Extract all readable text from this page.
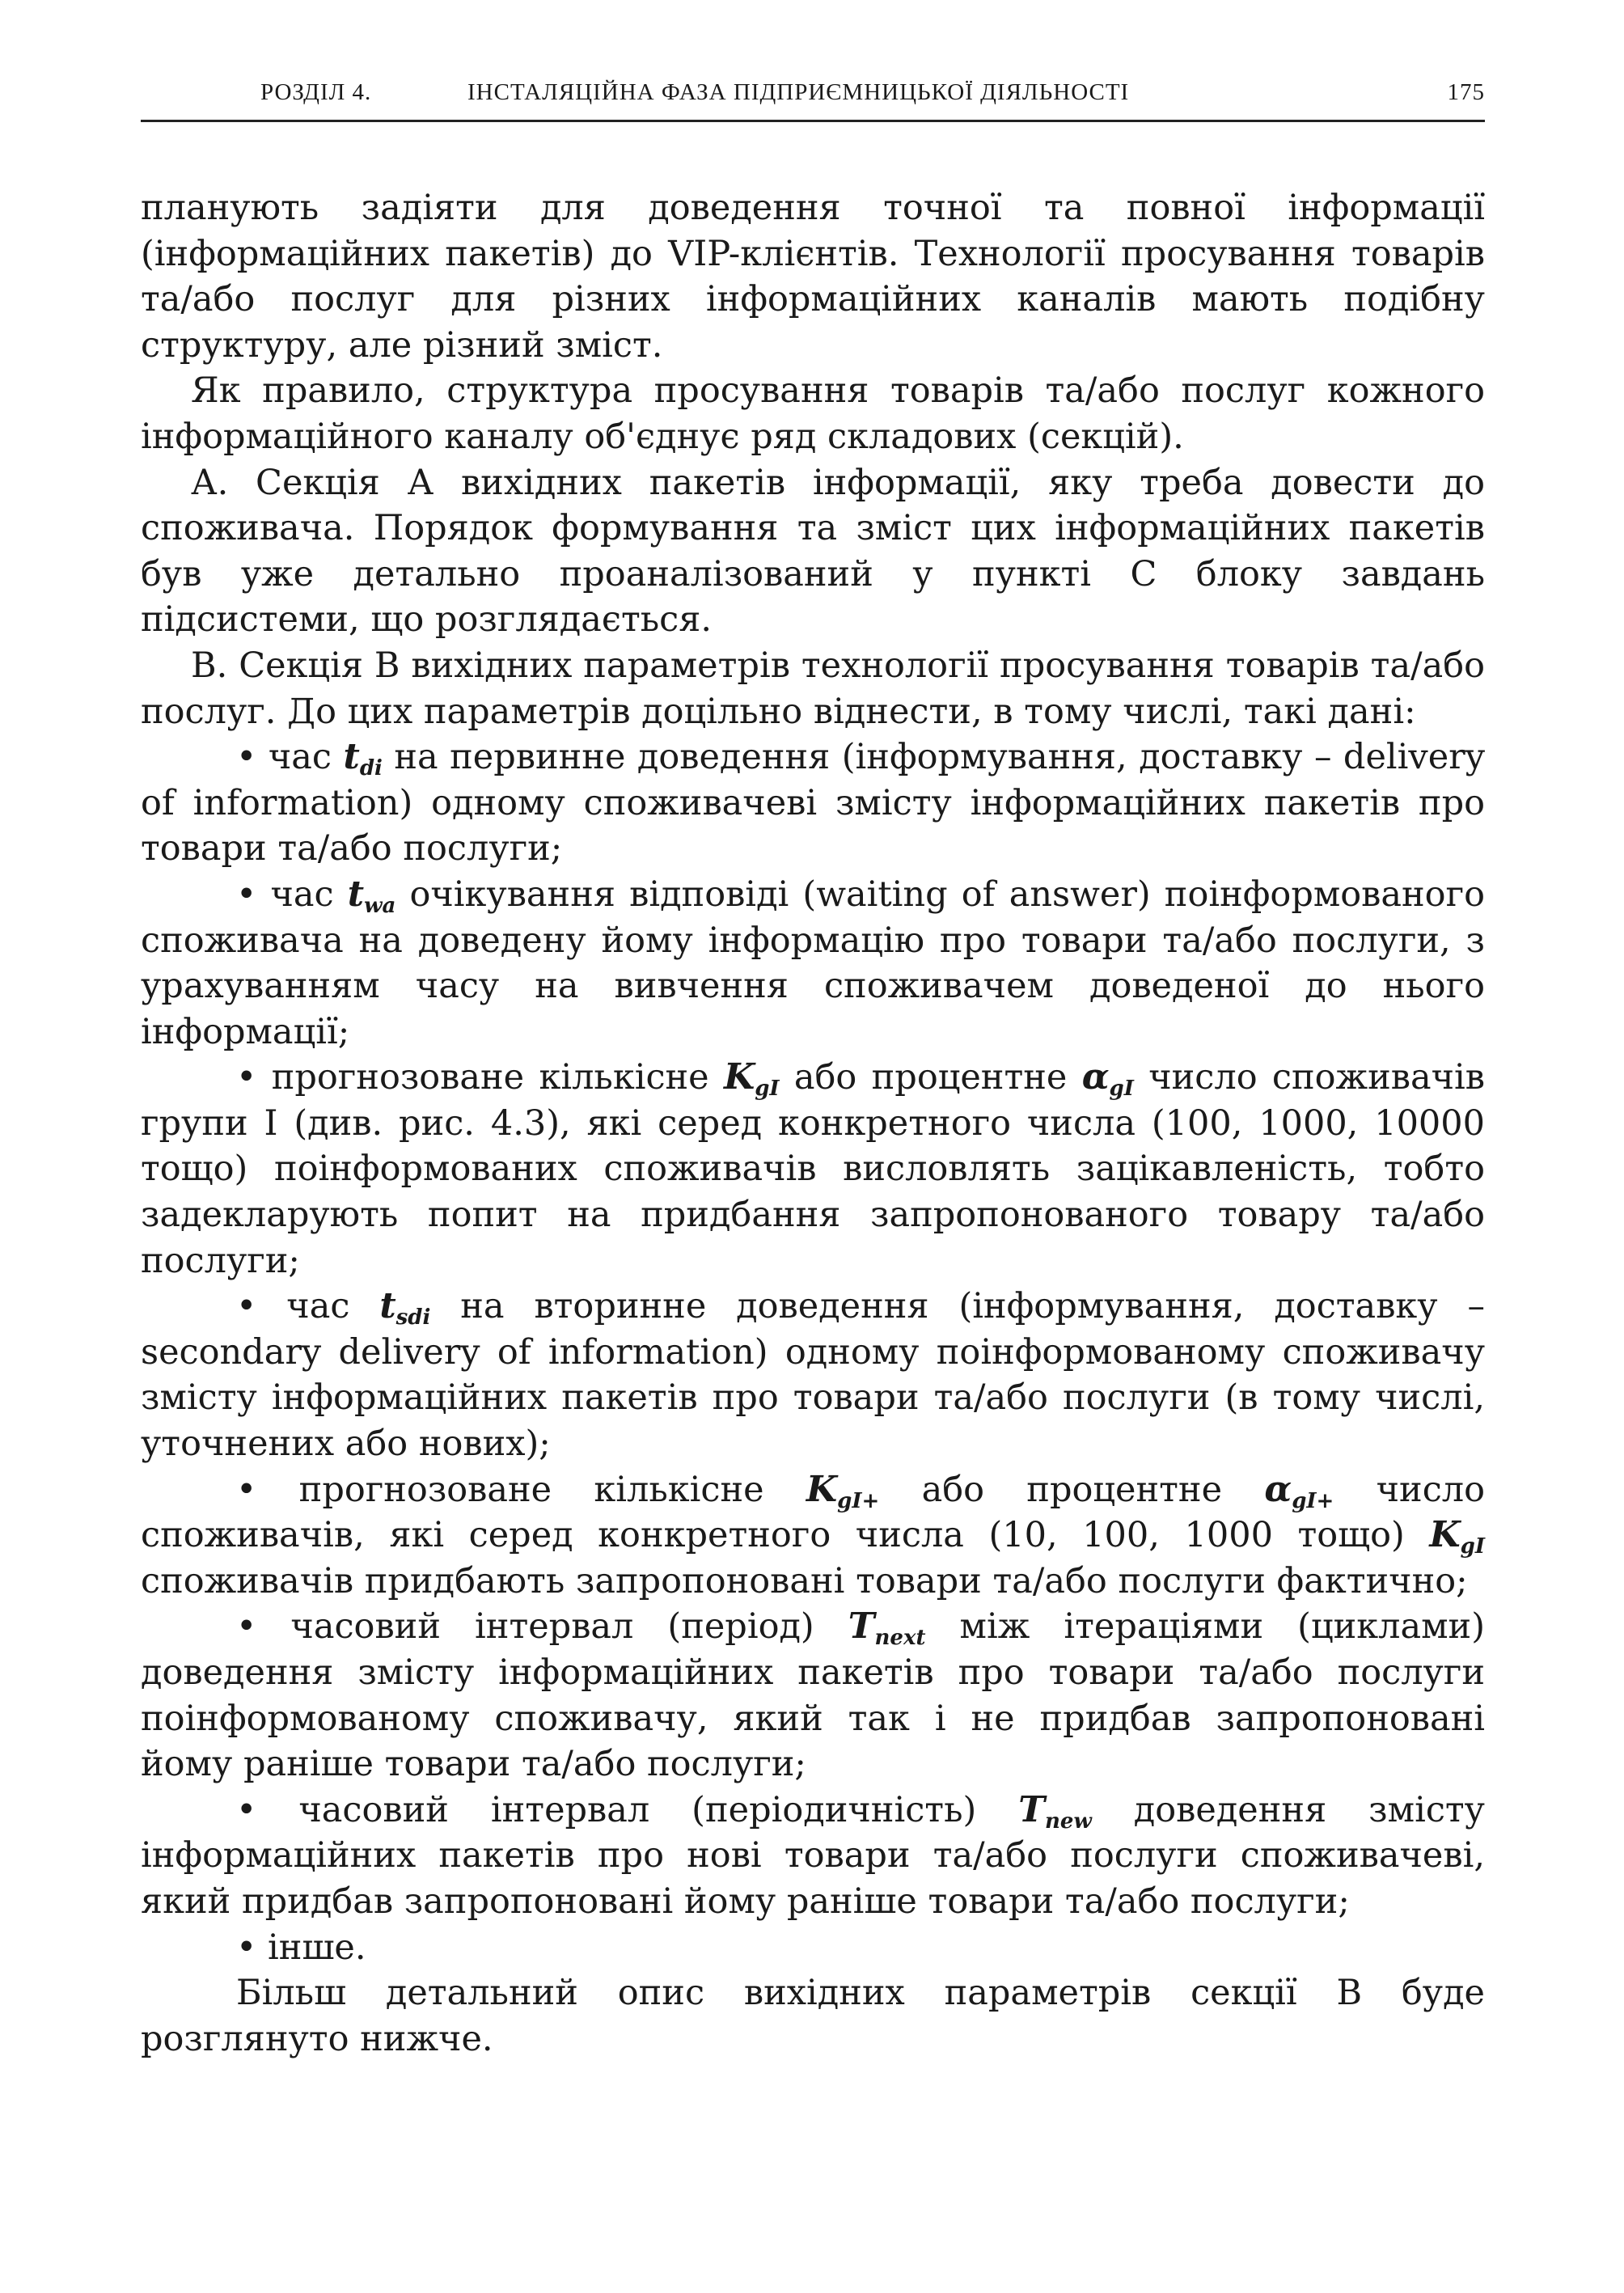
РОЗДІЛ 4.	ІНСТАЛЯЦІЙНА ФАЗА ПІДПРИЄМНИЦЬКОЇ ДІЯЛЬНОСТІ	175

планують задіяти для доведення точної та повної інформації (інформаційних пакетів) до VIP-клієнтів. Технології просування товарів та/або послуг для різних інформаційних каналів мають подібну структуру, але різний зміст.

Як правило, структура просування товарів та/або послуг кожного інформаційного каналу об'єднує ряд складових (секцій).

А. Секція А вихідних пакетів інформації, яку треба довести до споживача. Порядок формування та зміст цих інформаційних пакетів був уже детально проаналізований у пункті С блоку завдань підсистеми, що розглядається.

В. Секція В вихідних параметрів технології просування товарів та/або послуг. До цих параметрів доцільно віднести, в тому числі, такі дані:

• час $t_{di}$ на первинне доведення (інформування, доставку – delivery of information) одному споживачеві змісту інформаційних пакетів про товари та/або послуги;

• час $t_{wa}$ очікування відповіді (waiting of answer) поінформованого споживача на доведену йому інформацію про товари та/або послуги, з урахуванням часу на вивчення споживачем доведеної до нього інформації;

• прогнозоване кількісне $K_{gI}$ або процентне $\alpha_{gI}$ число споживачів групи І (див. рис. 4.3), які серед конкретного числа (100, 1000, 10000 тощо) поінформованих споживачів висловлять зацікавленість, тобто задекларують попит на придбання запропонованого товару та/або послуги;

• час $t_{sdi}$ на вторинне доведення (інформування, доставку – secondary delivery of information) одному поінформованому споживачу змісту інформаційних пакетів про товари та/або послуги (в тому числі, уточнених або нових);

• прогнозоване кількісне $K_{gI+}$ або процентне $\alpha_{gI+}$ число споживачів, які серед конкретного числа (10, 100, 1000 тощо) $K_{gI}$ споживачів придбають запропоновані товари та/або послуги фактично;

• часовий інтервал (період) $T_{next}$ між ітераціями (циклами) доведення змісту інформаційних пакетів про товари та/або послуги поінформованому споживачу, який так і не придбав запропоновані йому раніше товари та/або послуги;

• часовий інтервал (періодичність) $T_{new}$ доведення змісту інформаційних пакетів про нові товари та/або послуги споживачеві, який придбав запропоновані йому раніше товари та/або послуги;

• інше.

Більш детальний опис вихідних параметрів секції В буде розглянуто нижче.
